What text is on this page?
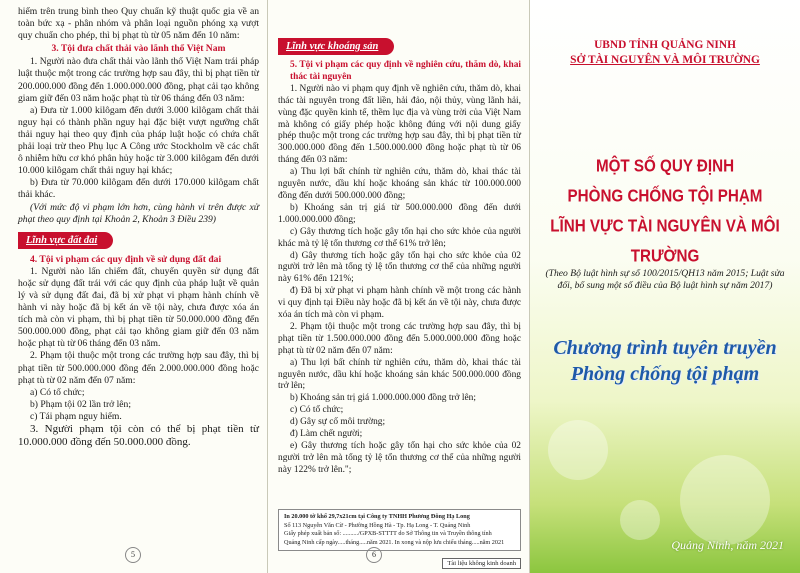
hiếm trên trung bình theo Quy chuẩn kỹ thuật quốc gia về an toàn bức xạ - phân nhóm và phân loại nguồn phóng xạ vượt quy chuẩn cho phép, thì bị phạt tù từ 05 năm đến 10 năm:

3. Tội đưa chất thải vào lãnh thổ Việt Nam

1. Người nào đưa chất thải vào lãnh thổ Việt Nam trái pháp luật thuộc một trong các trường hợp sau đây, thì bị phạt tiền từ 200.000.000 đồng đến 1.000.000.000 đồng, phạt cải tạo không giam giữ đến 03 năm hoặc phạt tù từ 06 tháng đến 03 năm:

a) Đưa từ 1.000 kilôgam đến dưới 3.000 kilôgam chất thải nguy hại có thành phần nguy hại đặc biệt vượt ngưỡng chất thải nguy hại theo quy định của pháp luật hoặc có chứa chất phải loại trừ theo Phụ lục A Công ước Stockholm về các chất ô nhiễm hữu cơ khó phân hủy hoặc từ 3.000 kilôgam đến dưới 10.000 kilôgam chất thải nguy hại khác;

b) Đưa từ 70.000 kilôgam đến dưới 170.000 kilôgam chất thải khác.

(Với mức độ vi phạm lớn hơn, cùng hành vi trên được xử phạt theo quy định tại Khoản 2, Khoản 3 Điều 239)

Lĩnh vực đất đai

4. Tội vi phạm các quy định về sử dụng đất đai

1. Người nào lấn chiếm đất, chuyển quyền sử dụng đất hoặc sử dụng đất trái với các quy định của pháp luật về quản lý và sử dụng đất đai, đã bị xử phạt vi phạm hành chính về hành vi này hoặc đã bị kết án về tội này, chưa được xóa án tích mà còn vi phạm, thì bị phạt tiền từ 50.000.000 đồng đến 500.000.000 đồng, phạt cải tạo không giam giữ đến 03 năm hoặc phạt tù từ 06 tháng đến 03 năm.

2. Phạm tội thuộc một trong các trường hợp sau đây, thì bị phạt tiền từ 500.000.000 đồng đến 2.000.000.000 đồng hoặc phạt tù từ 02 năm đến 07 năm:

a) Có tổ chức;

b) Phạm tội 02 lần trở lên;

c) Tái phạm nguy hiểm.

3. Người phạm tội còn có thể bị phạt tiền từ 10.000.000 đồng đến 50.000.000 đồng.

5
Lĩnh vực khoáng sản

5. Tội vi phạm các quy định về nghiên cứu, thăm dò, khai thác tài nguyên

1. Người nào vi phạm quy định về nghiên cứu, thăm dò, khai thác tài nguyên trong đất liền, hải đảo, nội thủy, vùng lãnh hải, vùng đặc quyền kinh tế, thềm lục địa và vùng trời của Việt Nam mà không có giấy phép hoặc không đúng với nội dung giấy phép thuộc một trong các trường hợp sau đây, thì bị phạt tiền từ 300.000.000 đồng đến 1.500.000.000 đồng hoặc phạt tù từ 06 tháng đến 03 năm:

a) Thu lợi bất chính từ nghiên cứu, thăm dò, khai thác tài nguyên nước, dầu khí hoặc khoáng sản khác từ 100.000.000 đồng đến dưới 500.000.000 đồng;

b) Khoáng sản trị giá từ 500.000.000 đồng đến dưới 1.000.000.000 đồng;

c) Gây thương tích hoặc gây tổn hại cho sức khỏe của người khác mà tỷ lệ tổn thương cơ thể 61% trở lên;

d) Gây thương tích hoặc gây tổn hại cho sức khỏe của 02 người trở lên mà tổng tỷ lệ tổn thương cơ thể của những người này 61% đến 121%;

đ) Đã bị xử phạt vi phạm hành chính về một trong các hành vi quy định tại Điều này hoặc đã bị kết án về tội này, chưa được xóa án tích mà còn vi phạm.

2. Phạm tội thuộc một trong các trường hợp sau đây, thì bị phạt tiền từ 1.500.000.000 đồng đến 5.000.000.000 đồng hoặc phạt tù từ 02 năm đến 07 năm:

a) Thu lợi bất chính từ nghiên cứu, thăm dò, khai thác tài nguyên nước, dầu khí hoặc khoáng sản khác 500.000.000 đồng trở lên;

b) Khoáng sản trị giá 1.000.000.000 đồng trở lên;

c) Có tổ chức;

d) Gây sự cố môi trường;

đ) Làm chết người;

e) Gây thương tích hoặc gây tổn hại cho sức khỏe của 02 người trở lên mà tổng tỷ lệ tổn thương cơ thể của những người này 122% trở lên.";

In 20.000 tờ khổ 29,7x21cm tại Công ty TNHH Phương Đông Hạ Long
Số 113 Nguyễn Văn Cừ - Phường Hồng Hà - Tp. Hạ Long - T. Quảng Ninh
Giấy phép xuất bản số: ........../GPXB-STTTT do Sở Thông tin và Truyền thông tỉnh
Quảng Ninh cấp ngày.....tháng.....năm 2021. In xong và nộp lưu chiểu tháng.....năm 2021
6
Tài liệu không kinh doanh
UBND TỈNH QUẢNG NINH
SỞ TÀI NGUYÊN VÀ MÔI TRƯỜNG
MỘT SỐ QUY ĐỊNH
PHÒNG CHỐNG TỘI PHẠM
LĨNH VỰC TÀI NGUYÊN VÀ MÔI TRƯỜNG
(Theo Bộ luật hình sự số 100/2015/QH13 năm 2015; Luật sửa đổi, bổ sung một số điều của Bộ luật hình sự năm 2017)
Chương trình tuyên truyền
Phòng chống tội phạm
Quảng Ninh, năm 2021
